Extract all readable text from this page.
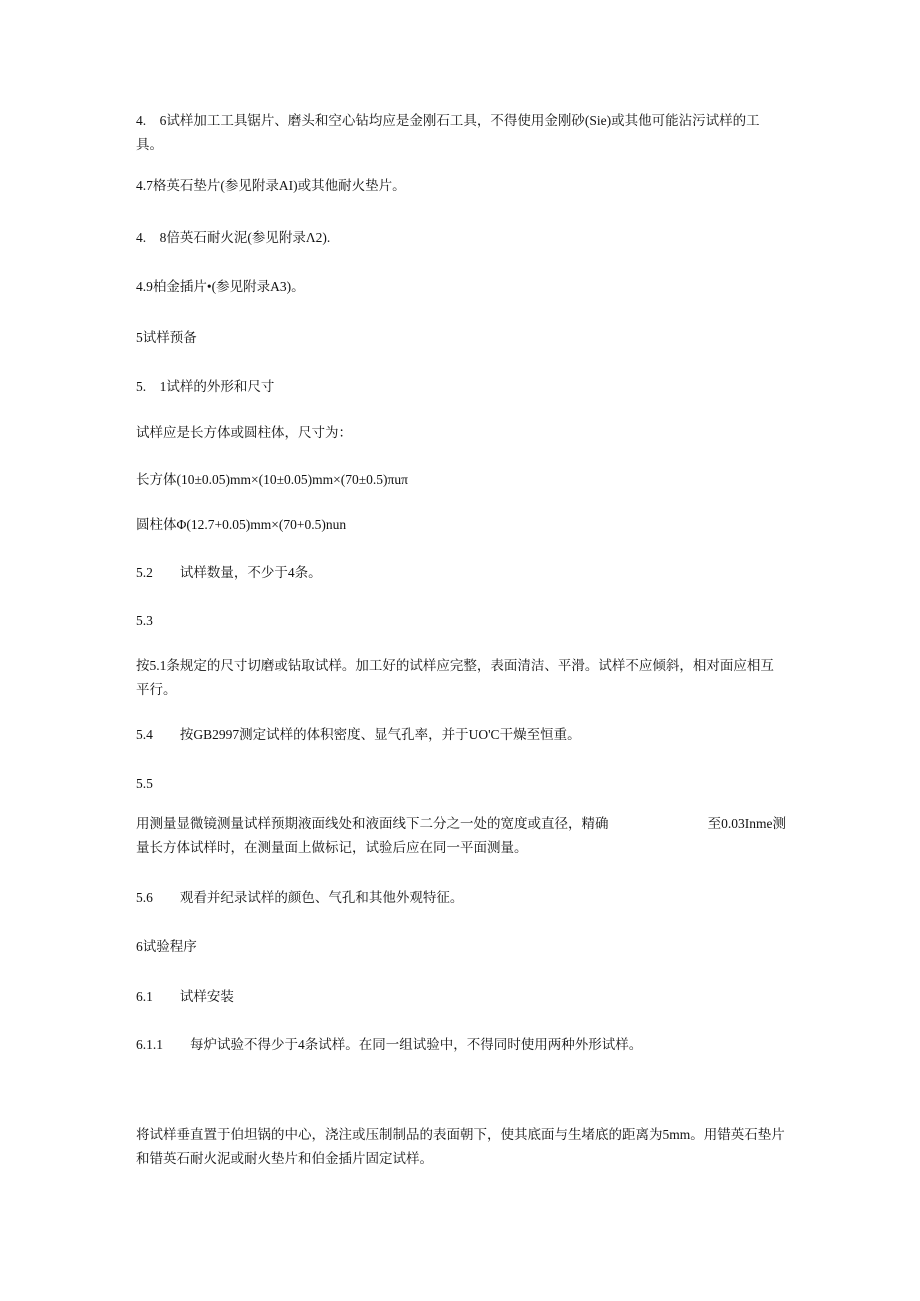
4.　6试样加工工具锯片、磨头和空心钻均应是金刚石工具，不得使用金刚砂(Sie)或其他可能沾污试样的工具。
4.7格英石垫片(参见附录AI)或其他耐火垫片。
4.　8倍英石耐火泥(参见附录Λ2).
4.9柏金插片•(参见附录A3)。
5试样预备
5.　1试样的外形和尺寸
试样应是长方体或圆柱体，尺寸为：
长方体(10±0.05)mm×(10±0.05)mm×(70±0.5)πuπ
圆柱体Φ(12.7+0.05)mm×(70+0.5)nun
5.2　　试样数量，不少于4条。
5.3
按5.1条规定的尺寸切磨或钻取试样。加工好的试样应完整，表面清洁、平滑。试样不应倾斜，相对面应相互平行。
5.4　　按GB2997测定试样的体积密度、显气孔率，并于UO'C干燥至恒重。
5.5
用测量显微镜测量试样预期液面线处和液面线下二分之一处的宽度或直径，精确	至0.03Inme测
量长方体试样时，在测量面上做标记，试验后应在同一平面测量。
5.6　　观看并纪录试样的颜色、气孔和其他外观特征。
6试验程序
6.1　　试样安装
6.1.1　　每炉试验不得少于4条试样。在同一组试验中，不得同时使用两种外形试样。
将试样垂直置于伯坦锅的中心，浇注或压制制品的表面朝下，使其底面与生堵底的距离为5mm。用错英石垫片和错英石耐火泥或耐火垫片和伯金插片固定试样。
